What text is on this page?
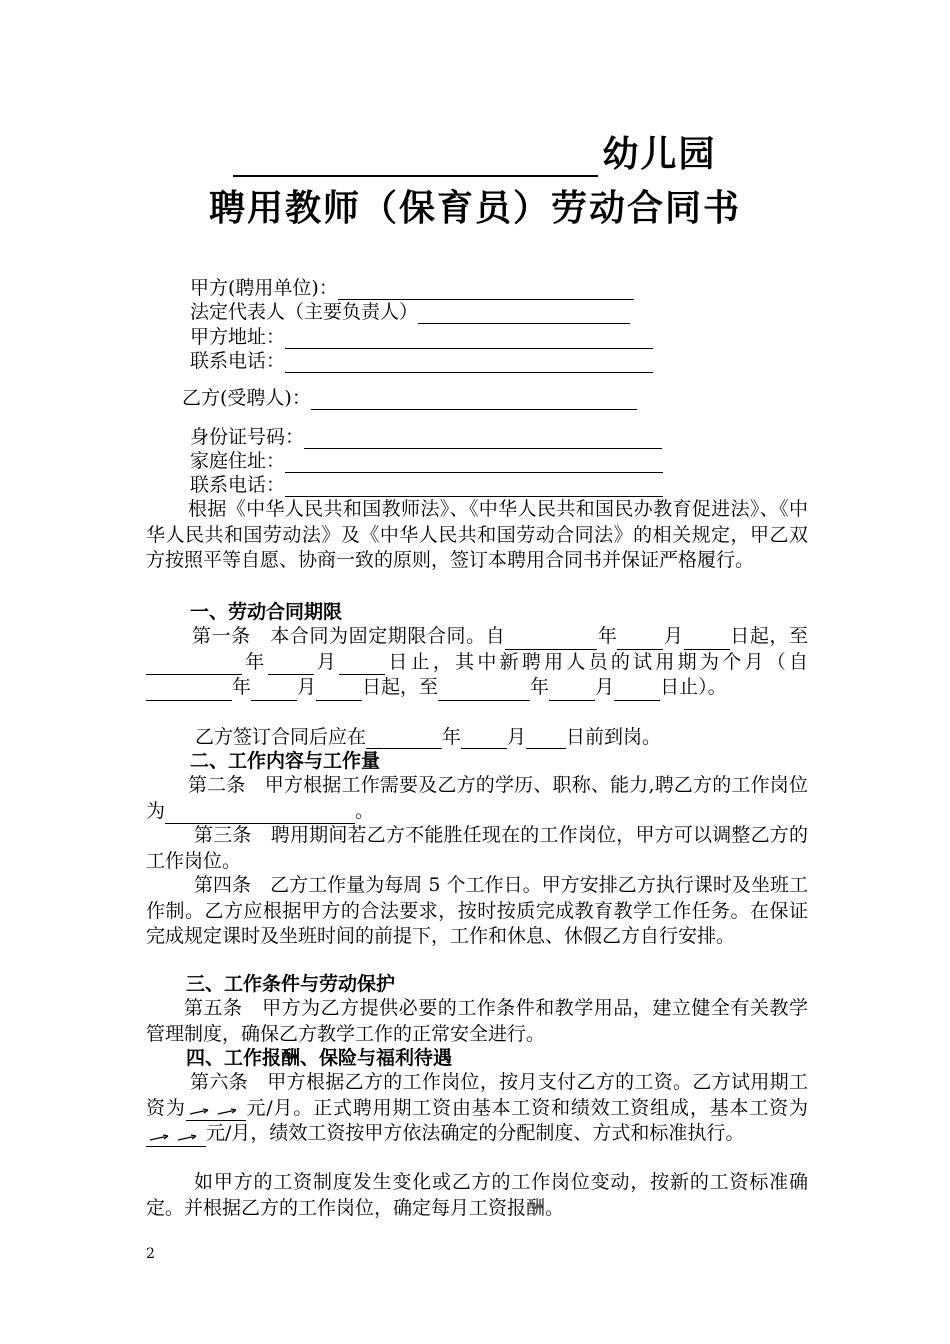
幼儿园
聘用教师（保育员）劳动合同书
甲方(聘用单位)：
法定代表人（主要负责人）
甲方地址：
联系电话：
乙方(受聘人)：
身份证号码：
家庭住址：
联系电话：

根据《中华人民共和国教师法》、《中华人民共和国民办教育促进法》、《中华人民共和国劳动法》及《中华人民共和国劳动合同法》的相关规定，甲乙双方按照平等自愿、协商一致的原则，签订本聘用合同书并保证严格履行。

一、劳动合同期限

第一条　本合同为固定期限合同。自	年 月 日起，至年 月 日止，其中新聘用人员的试用期为个月（自年 月 日起，至	年 月 日止）。

乙方签订合同后应在	年 月 日前到岗。
二、工作内容与工作量

第二条　甲方根据工作需要及乙方的学历、职称、能力,聘乙方的工作岗位为	。

第三条　聘用期间若乙方不能胜任现在的工作岗位，甲方可以调整乙方的工作岗位。

第四条　乙方工作量为每周 5 个工作日。甲方安排乙方执行课时及坐班工作制。乙方应根据甲方的合法要求，按时按质完成教育教学工作任务。在保证完成规定课时及坐班时间的前提下，工作和休息、休假乙方自行安排。

三、工作条件与劳动保护

第五条　甲方为乙方提供必要的工作条件和教学用品，建立健全有关教学管理制度，确保乙方教学工作的正常安全进行。

四、工作报酬、保险与福利待遇

第六条　甲方根据乙方的工作岗位，按月支付乙方的工资。乙方试用期工资为	元/月。正式聘用期工资由基本工资和绩效工资组成，基本工资为
元/月，绩效工资按甲方依法确定的分配制度、方式和标准执行。

如甲方的工资制度发生变化或乙方的工作岗位变动，按新的工资标准确定。并根据乙方的工作岗位，确定每月工资报酬。

2
